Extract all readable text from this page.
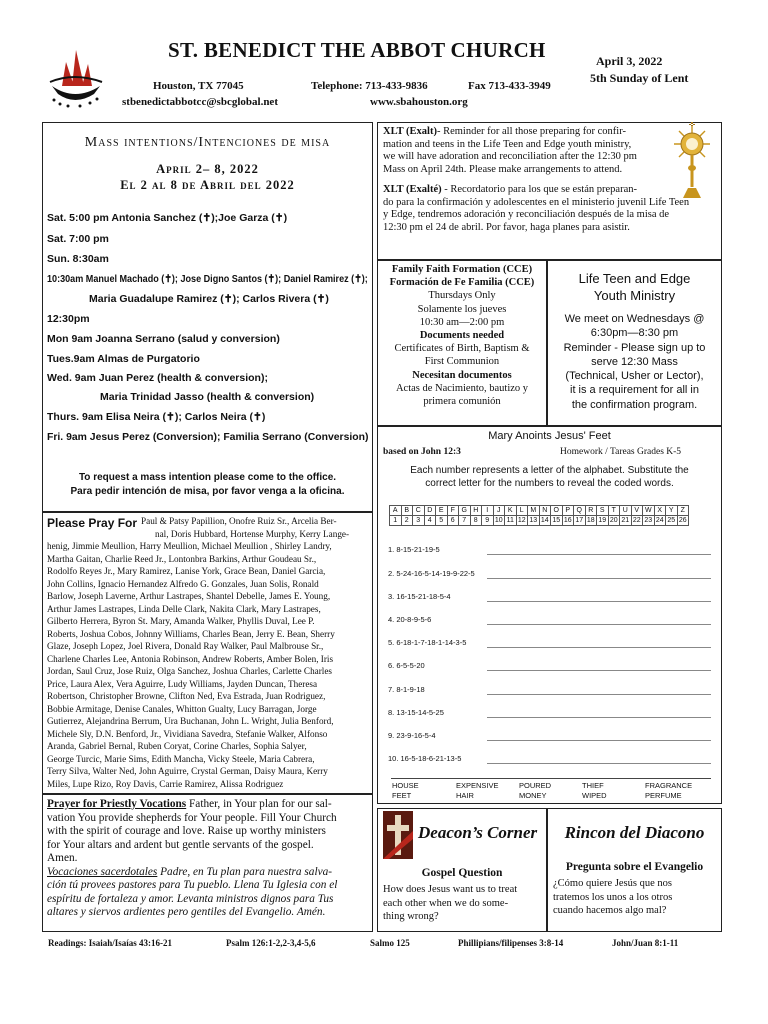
ST. BENEDICT THE ABBOT CHURCH
Houston, TX 77045	Telephone: 713-433-9836	Fax 713-433-3949
stbenedictabbotcc@sbcglobal.net	www.sbahouston.org
April 3, 2022
5th Sunday of Lent
Mass intentions/Intenciones de misa
April 2– 8, 2022
El 2 al 8 de Abril del 2022
Sat. 5:00 pm Antonia Sanchez (✝);Joe Garza (✝)
Sat. 7:00 pm
Sun. 8:30am
10:30am Manuel Machado (✝); Jose Digno Santos (✝); Daniel Ramirez (✝);
Maria Guadalupe Ramirez (✝); Carlos Rivera (✝)
12:30pm
Mon 9am Joanna Serrano (salud y conversion)
Tues.9am Almas de Purgatorio
Wed. 9am Juan Perez (health & conversion);
Maria Trinidad Jasso (health & conversion)
Thurs. 9am Elisa Neira (✝); Carlos Neira (✝)
Fri. 9am Jesus Perez (Conversion); Familia Serrano (Conversion)
To request a mass intention please come to the office.
Para pedir intención de misa, por favor venga a la oficina.
Please Pray For Paul & Patsy Papillion, Onofre Ruiz Sr., Arcelia Ber-
nal, Doris Hubbard, Hortense Murphy, Kerry Lange-
henig, Jimmie Meullion, Harry Meullion, Michael Meullion , Shirley Landry,
Martha Gaitan, Charlie Reed Jr., Lontonbra Barkins, Arthur Goudeau Sr.,
Rodolfo Reyes Jr., Mary Ramirez, Lanise York, Grace Bean, Daniel Garcia,
John Collins, Ignacio Hernandez Alfredo G. Gonzales, Juan Solis, Ronald
Barlow, Joseph Laverne, Arthur Lastrapes, Shantel Debelle, James E. Young,
Arthur James Lastrapes, Linda Delle Clark, Nakita Clark, Mary Lastrapes,
Gilberto Herrera, Byron St. Mary, Amanda Walker, Phyllis Duval, Lee P.
Roberts, Joshua Cobos, Johnny Williams, Charles Bean, Jerry E. Bean, Sherry
Glaze, Joseph Lopez, Joel Rivera, Donald Ray Walker, Paul Malbrouse Sr.,
Charlene Charles Lee, Antonia Robinson, Andrew Roberts, Amber Bolen, Iris
Jordan, Saul Cruz, Jose Ruiz, Olga Sanchez, Joshua Charles, Carlette Charles
Price, Laura Alex, Vera Aguirre, Ludy Williams, Jayden Duncan, Theresa
Robertson, Christopher Browne, Clifton Ned, Eva Estrada, Juan Rodriguez,
Bobbie Armitage, Denise Canales, Whitton Gualty, Lucy Barragan, Jorge
Gutierrez, Alejandrina Berrum, Ura Buchanan, John L. Wright, Julia Benford,
Michele Sly, D.N. Benford, Jr., Vividiana Savedra, Stefanie Walker, Alfonso
Aranda, Gabriel Bernal, Ruben Coryat, Corine Charles, Sophia Salyer,
George Turcic, Marie Sims, Edith Mancha, Vicky Steele, Maria Cabrera,
Terry Silva, Walter Ned, John Aguirre, Crystal German, Daisy Maura, Kerry
Miles, Lupe Rizo, Roy Davis, Carrie Ramirez, Alissa Rodriguez
Prayer for Priestly Vocations Father, in Your plan for our sal-
vation You provide shepherds for Your people. Fill Your Church
with the spirit of courage and love. Raise up worthy ministers
for Your altars and ardent but gentle servants of the gospel.
Amen.
Vocaciones sacerdotales Padre, en Tu plan para nuestra salva-
ción tú provees pastores para Tu pueblo. Llena Tu Iglesia con el
espíritu de fortaleza y amor. Levanta ministros dignos para Tus
altares y siervos ardientes pero gentiles del Evangelio. Amén.
XLT (Exalt)- Reminder for all those preparing for confir-
mation and teens in the Life Teen and Edge youth ministry,
we will have adoration and reconciliation after the 12:30 pm
Mass on April 24th. Please make arrangements to attend.
XLT (Exalté) - Recordatorio para los que se están preparan-
do para la confirmación y adolescentes en el ministerio juvenil Life Teen
y Edge, tendremos adoración y reconciliación después de la misa de
12:30 pm el 24 de abril. Por favor, haga planes para asistir.
Family Faith Formation (CCE)
Formación de Fe Familia (CCE)
Thursdays Only
Solamente los jueves
10:30 am—2:00 pm
Documents needed
Certificates of Birth, Baptism &
First Communion
Necesitan documentos
Actas de Nacimiento, bautizo y
primera comunión
Life Teen and Edge
Youth Ministry
We meet on Wednesdays @
6:30pm—8:30 pm
Reminder - Please sign up to
serve 12:30 Mass
(Technical, Usher or Lector),
it is a requirement for all in
the confirmation program.
Mary Anoints Jesus' Feet
based on John 12:3	Homework / Tareas Grades K-5
Each number represents a letter of the alphabet. Substitute the
correct letter for the numbers to reveal the coded words.
A	B	C	D	E	F	G	H	I	J	K	L	M	N	O	P	Q	R	S	T	U	V	W	X	Y	Z
1	2	3	4	5	6	7	8	9	10	11	12	13	14	15	16	17	18	19	20	21	22	23	24	25	26
1. 8-15-21-19-5
2. 5-24-16-5-14-19-9-22-5
3. 16-15-21-18-5-4
4. 20-8-9-5-6
5. 6-18-1-7-18-1-14-3-5
6. 6-5-5-20
7. 8-1-9-18
8. 13-15-14-5-25
9. 23-9-16-5-4
10. 16-5-18-6-21-13-5
HOUSE
FEET
EXPENSIVE
HAIR
POURED
MONEY
THIEF
WIPED
FRAGRANCE
PERFUME
Deacon’s Corner
Gospel Question
How does Jesus want us to treat
each other when we do some-
thing wrong?
Rincon del Diacono
Pregunta sobre el Evangelio
¿Cómo quiere Jesús que nos
tratemos los unos a los otros
cuando hacemos algo mal?
Readings: Isaiah/Isaías 43:16-21	Psalm 126:1-2,2-3,4-5,6	Salmo 125	Phillipians/filipenses 3:8-14	John/Juan 8:1-11
